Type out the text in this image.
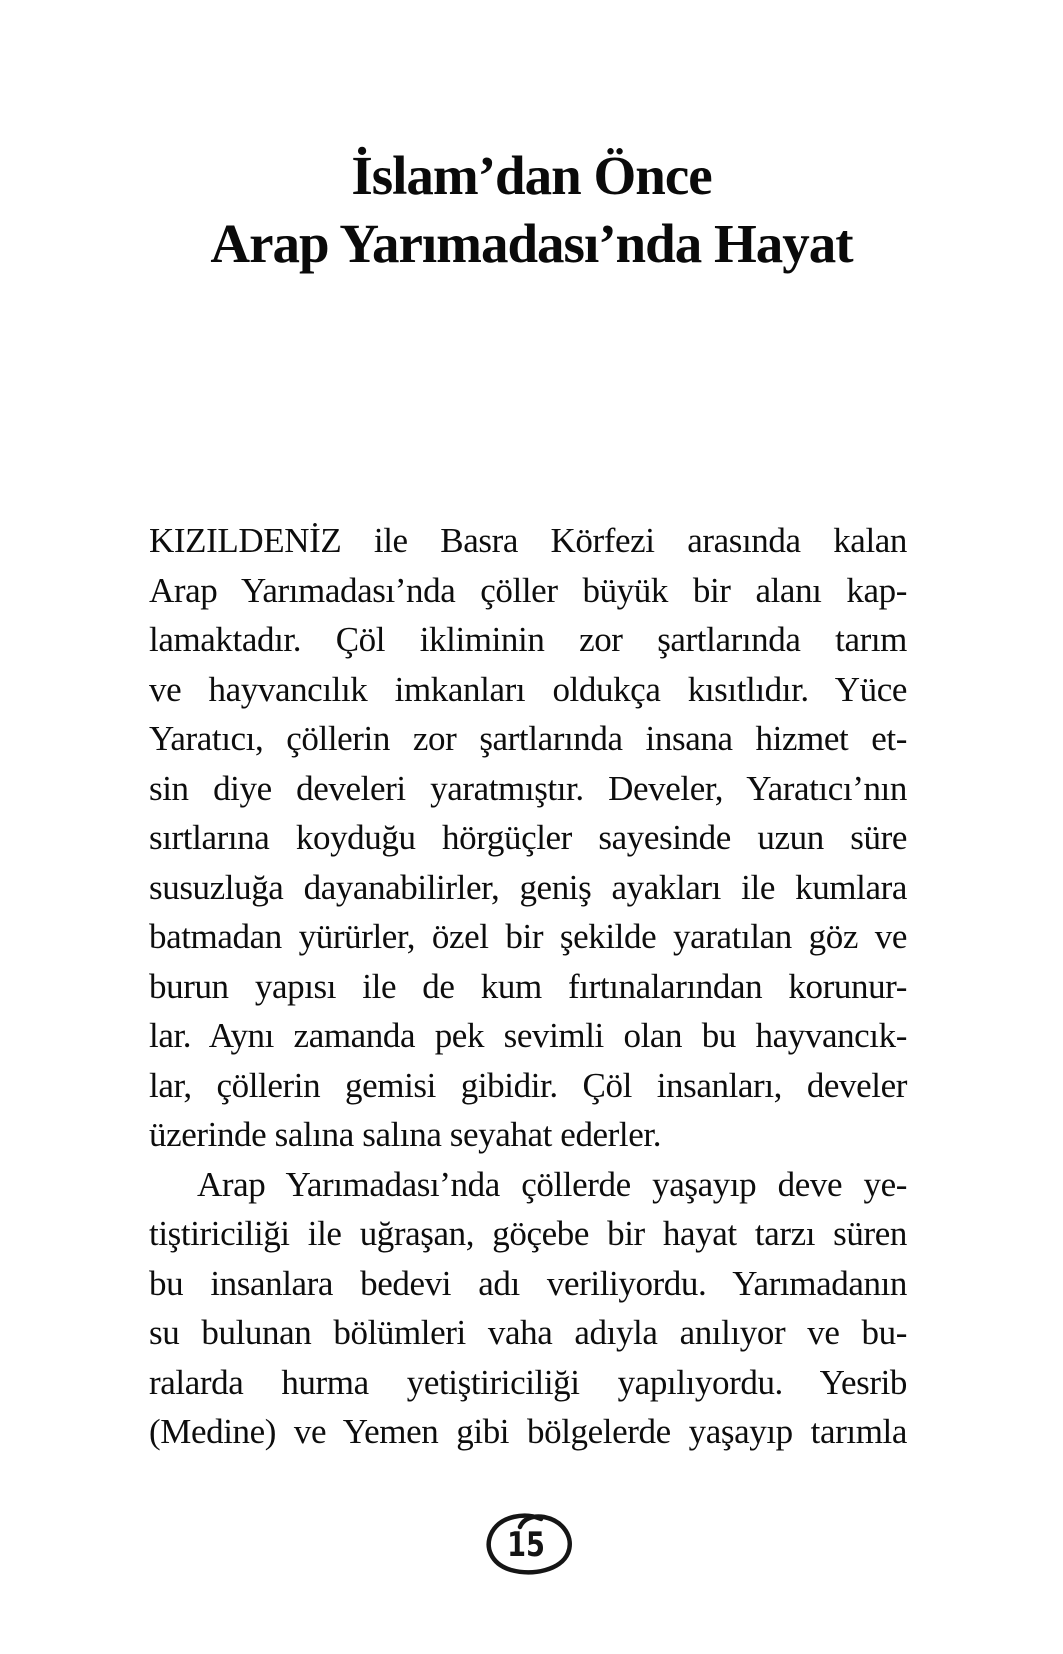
İslam’dan Önce
Arap Yarımadası’nda Hayat
KIZILDENİZ ile Basra Körfezi arasında kalan
Arap Yarımadası’nda çöller büyük bir alanı kap-
lamaktadır. Çöl ikliminin zor şartlarında tarım
ve hayvancılık imkanları oldukça kısıtlıdır. Yüce
Yaratıcı, çöllerin zor şartlarında insana hizmet et-
sin diye develeri yaratmıştır. Develer, Yaratıcı’nın
sırtlarına koyduğu hörgüçler sayesinde uzun süre
susuzluğa dayanabilirler, geniş ayakları ile kumlara
batmadan yürürler, özel bir şekilde yaratılan göz ve
burun yapısı ile de kum fırtınalarından korunur-
lar. Aynı zamanda pek sevimli olan bu hayvancık-
lar, çöllerin gemisi gibidir. Çöl insanları, develer
üzerinde salına salına seyahat ederler.
Arap Yarımadası’nda çöllerde yaşayıp deve ye-
tiştiriciliği ile uğraşan, göçebe bir hayat tarzı süren
bu insanlara bedevi adı veriliyordu. Yarımadanın
su bulunan bölümleri vaha adıyla anılıyor ve bu-
ralarda hurma yetiştiriciliği yapılıyordu. Yesrib
(Medine) ve Yemen gibi bölgelerde yaşayıp tarımla
15
